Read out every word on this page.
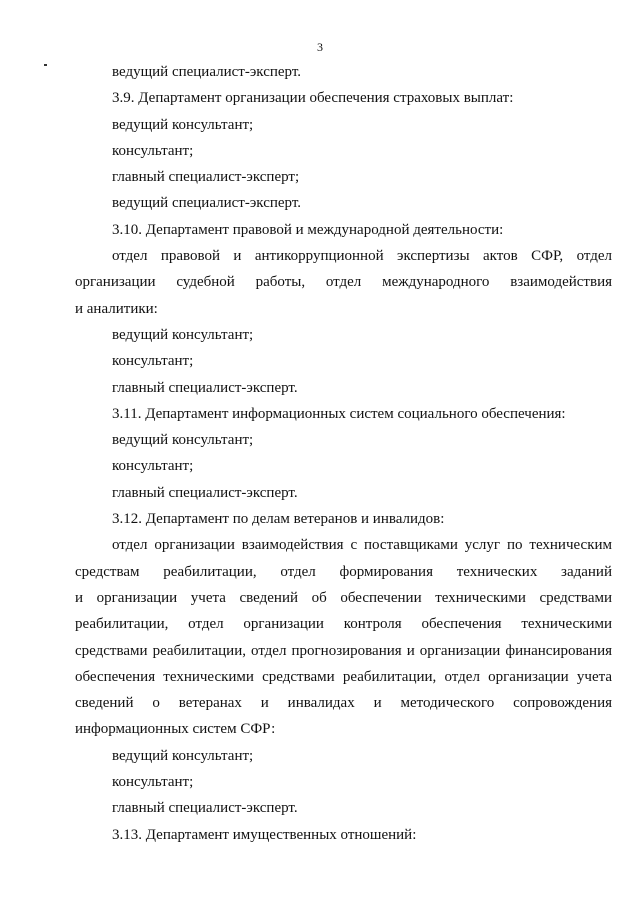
3
ведущий специалист-эксперт.
3.9. Департамент организации обеспечения страховых выплат:
ведущий консультант;
консультант;
главный специалист-эксперт;
ведущий специалист-эксперт.
3.10. Департамент правовой и международной деятельности:
отдел правовой и антикоррупционной экспертизы актов СФР, отдел
организации судебной работы, отдел международного взаимодействия
и аналитики:
ведущий консультант;
консультант;
главный специалист-эксперт.
3.11. Департамент информационных систем социального обеспечения:
ведущий консультант;
консультант;
главный специалист-эксперт.
3.12. Департамент по делам ветеранов и инвалидов:
отдел организации взаимодействия с поставщиками услуг по техническим
средствам реабилитации, отдел формирования технических заданий
и организации учета сведений об обеспечении техническими средствами
реабилитации, отдел организации контроля обеспечения техническими
средствами реабилитации, отдел прогнозирования и организации финансирования
обеспечения техническими средствами реабилитации, отдел организации учета
сведений о ветеранах и инвалидах и методического сопровождения
информационных систем СФР:
ведущий консультант;
консультант;
главный специалист-эксперт.
3.13. Департамент имущественных отношений:
